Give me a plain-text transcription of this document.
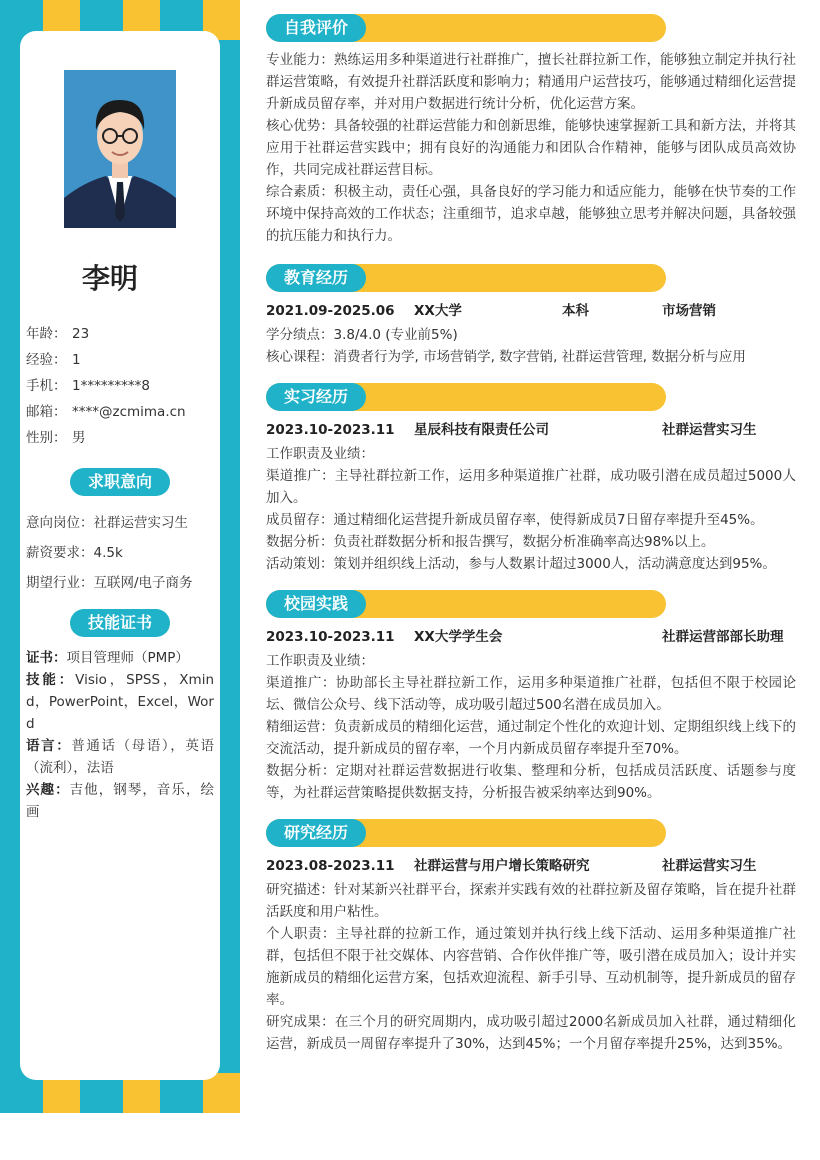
李明
年龄： 23
经验： 1
手机： 1*********8
邮箱： ****@zcmima.cn
性别： 男
求职意向
意向岗位：社群运营实习生
薪资要求：4.5k
期望行业：互联网/电子商务
技能证书

证书：项目管理师（PMP）

技能：Visio，SPSS，Xmind，PowerPoint，Excel，Word

语言：普通话（母语），英语（流利），法语

兴趣：吉他，钢琴，音乐，绘画

自我评价

专业能力：熟练运用多种渠道进行社群推广，擅长社群拉新工作，能够独立制定并执行社群运营策略，有效提升社群活跃度和影响力；精通用户运营技巧，能够通过精细化运营提升新成员留存率，并对用户数据进行统计分析，优化运营方案。

核心优势：具备较强的社群运营能力和创新思维，能够快速掌握新工具和新方法，并将其应用于社群运营实践中；拥有良好的沟通能力和团队合作精神，能够与团队成员高效协作，共同完成社群运营目标。

综合素质：积极主动，责任心强，具备良好的学习能力和适应能力，能够在快节奏的工作环境中保持高效的工作状态；注重细节，追求卓越，能够独立思考并解决问题，具备较强的抗压能力和执行力。

教育经历
2021.09-2025.06 XX大学	本科	市场营销

学分绩点：3.8/4.0 (专业前5%)

核心课程：消费者行为学, 市场营销学, 数字营销, 社群运营管理, 数据分析与应用

实习经历
2023.10-2023.11 星辰科技有限责任公司	社群运营实习生

工作职责及业绩：

渠道推广：主导社群拉新工作，运用多种渠道推广社群，成功吸引潜在成员超过5000人加入。

成员留存：通过精细化运营提升新成员留存率，使得新成员7日留存率提升至45%。

数据分析：负责社群数据分析和报告撰写，数据分析准确率高达98%以上。

活动策划：策划并组织线上活动，参与人数累计超过3000人，活动满意度达到95%。

校园实践
2023.10-2023.11 XX大学学生会	社群运营部部长助理

工作职责及业绩：

渠道推广：协助部长主导社群拉新工作，运用多种渠道推广社群，包括但不限于校园论坛、微信公众号、线下活动等，成功吸引超过500名潜在成员加入。

精细运营：负责新成员的精细化运营，通过制定个性化的欢迎计划、定期组织线上线下的交流活动，提升新成员的留存率，一个月内新成员留存率提升至70%。

数据分析：定期对社群运营数据进行收集、整理和分析，包括成员活跃度、话题参与度等，为社群运营策略提供数据支持，分析报告被采纳率达到90%。

研究经历
2023.08-2023.11 社群运营与用户增长策略研究	社群运营实习生

研究描述：针对某新兴社群平台，探索并实践有效的社群拉新及留存策略，旨在提升社群活跃度和用户粘性。

个人职责：主导社群的拉新工作，通过策划并执行线上线下活动、运用多种渠道推广社群，包括但不限于社交媒体、内容营销、合作伙伴推广等，吸引潜在成员加入；设计并实施新成员的精细化运营方案，包括欢迎流程、新手引导、互动机制等，提升新成员的留存率。

研究成果：在三个月的研究周期内，成功吸引超过2000名新成员加入社群，通过精细化运营，新成员一周留存率提升了30%，达到45%；一个月留存率提升25%，达到35%。
